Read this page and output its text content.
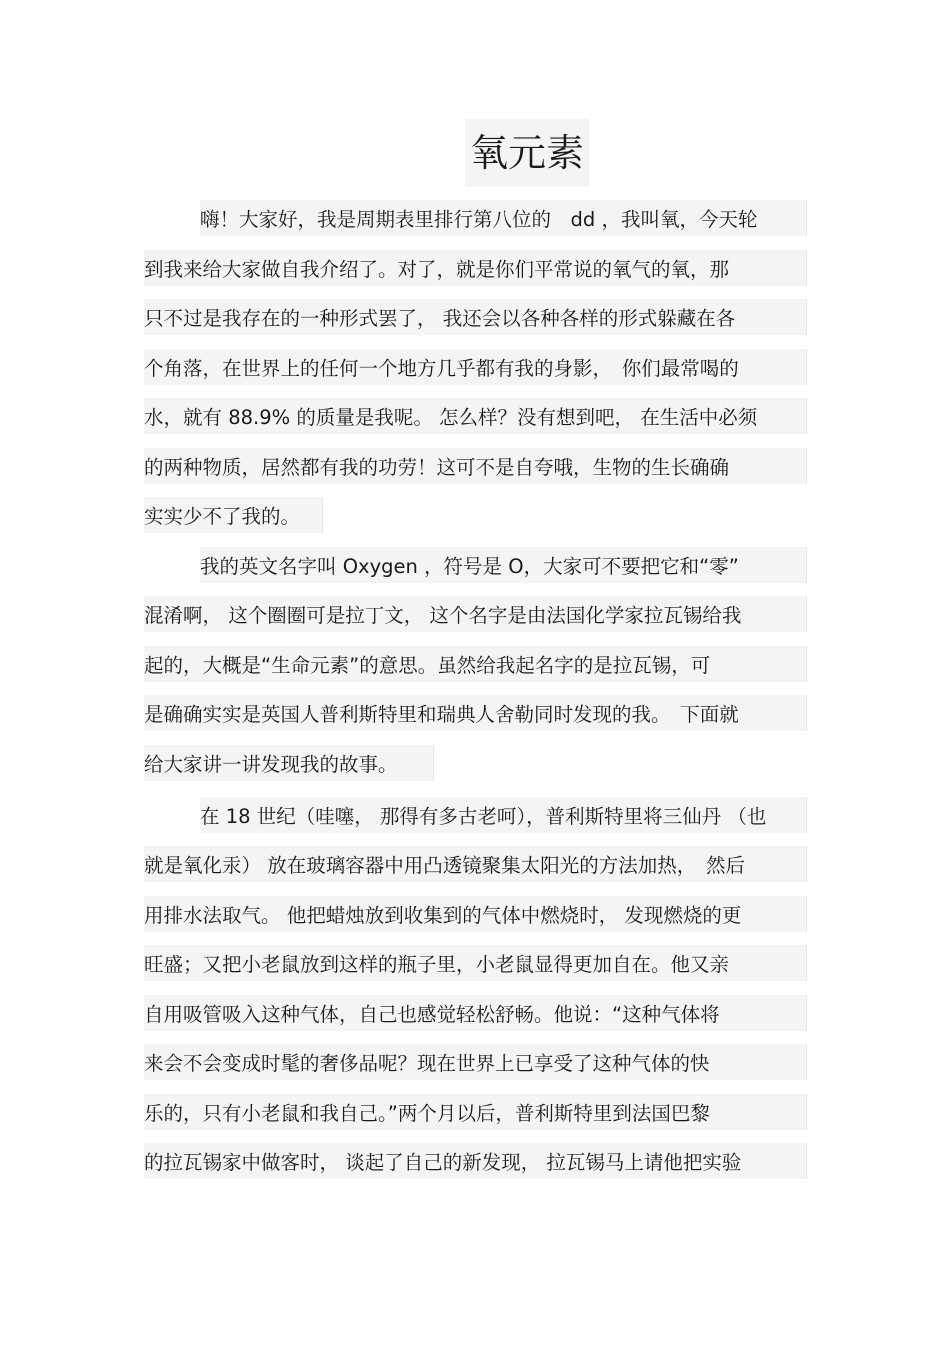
氧元素
嗨！大家好，我是周期表里排行第八位的　dd ，我叫氧，今天轮
到我来给大家做自我介绍了。对了，就是你们平常说的氧气的氧，那
只不过是我存在的一种形式罢了， 我还会以各种各样的形式躲藏在各
个角落，在世界上的任何一个地方几乎都有我的身影，　你们最常喝的
水，就有 88.9% 的质量是我呢。 怎么样？没有想到吧， 在生活中必须
的两种物质，居然都有我的功劳！这可不是自夸哦，生物的生长确确
实实少不了我的。
我的英文名字叫 Oxygen ，符号是 O，大家可不要把它和“零”
混淆啊， 这个圈圈可是拉丁文， 这个名字是由法国化学家拉瓦锡给我
起的，大概是“生命元素”的意思。虽然给我起名字的是拉瓦锡，可
是确确实实是英国人普利斯特里和瑞典人舍勒同时发现的我。　下面就
给大家讲一讲发现我的故事。
在 18 世纪（哇噻， 那得有多古老呵），普利斯特里将三仙丹 （也
就是氧化汞） 放在玻璃容器中用凸透镜聚集太阳光的方法加热，　然后
用排水法取气。 他把蜡烛放到收集到的气体中燃烧时， 发现燃烧的更
旺盛；又把小老鼠放到这样的瓶子里，小老鼠显得更加自在。他又亲
自用吸管吸入这种气体，自己也感觉轻松舒畅。他说：“这种气体将
来会不会变成时髦的奢侈品呢？现在世界上已享受了这种气体的快
乐的，只有小老鼠和我自己。”两个月以后，普利斯特里到法国巴黎
的拉瓦锡家中做客时， 谈起了自己的新发现， 拉瓦锡马上请他把实验
